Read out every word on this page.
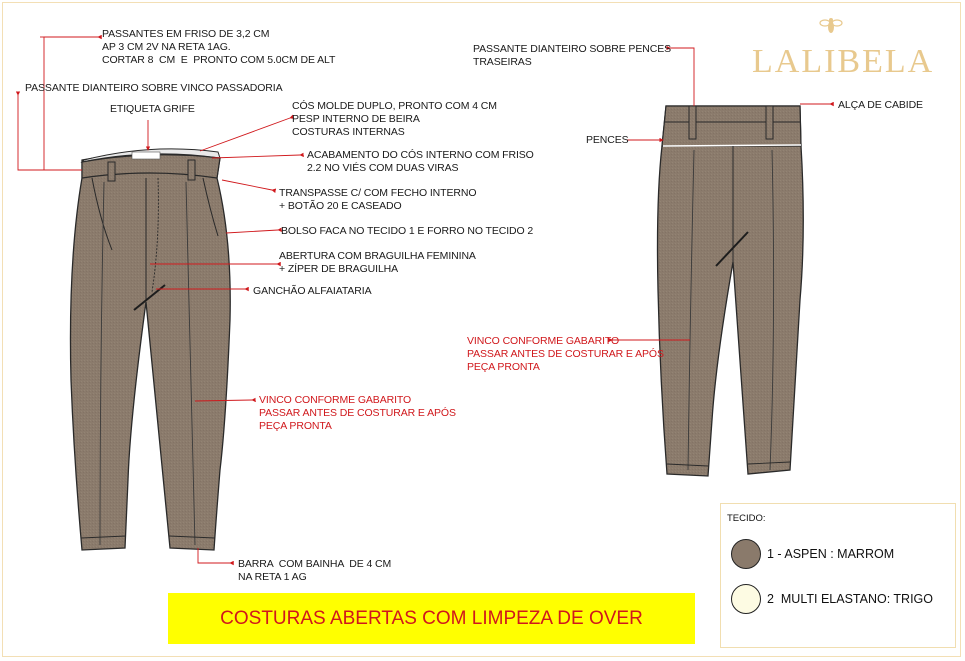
LALIBELA
PASSANTES EM FRISO DE 3,2 CM
AP 3 CM 2V NA RETA 1AG.
CORTAR 8  CM  E  PRONTO COM 5.0CM DE ALT
PASSANTE DIANTEIRO SOBRE VINCO PASSADORIA
ETIQUETA GRIFE	CÓS MOLDE DUPLO, PRONTO COM 4 CM
PESP INTERNO DE BEIRA
COSTURAS INTERNAS
ACABAMENTO DO CÓS INTERNO COM FRISO
2.2 NO VIÉS COM DUAS VIRAS
TRANSPASSE C/ COM FECHO INTERNO
+ BOTÃO 20 E CASEADO
BOLSO FACA NO TECIDO 1 E FORRO NO TECIDO 2
ABERTURA COM BRAGUILHA FEMININA
+ ZÍPER DE BRAGUILHA
GANCHÃO ALFAIATARIA
VINCO CONFORME GABARITO
PASSAR ANTES DE COSTURAR E APÓS
PEÇA PRONTA
BARRA  COM BAINHA  DE 4 CM
NA RETA 1 AG
PASSANTE DIANTEIRO SOBRE PENCES
TRASEIRAS
ALÇA DE CABIDE
PENCES
VINCO CONFORME GABARITO
PASSAR ANTES DE COSTURAR E APÓS
PEÇA PRONTA
COSTURAS ABERTAS COM LIMPEZA DE OVER
TECIDO:
1 - ASPEN : MARROM
2  MULTI ELASTANO: TRIGO
